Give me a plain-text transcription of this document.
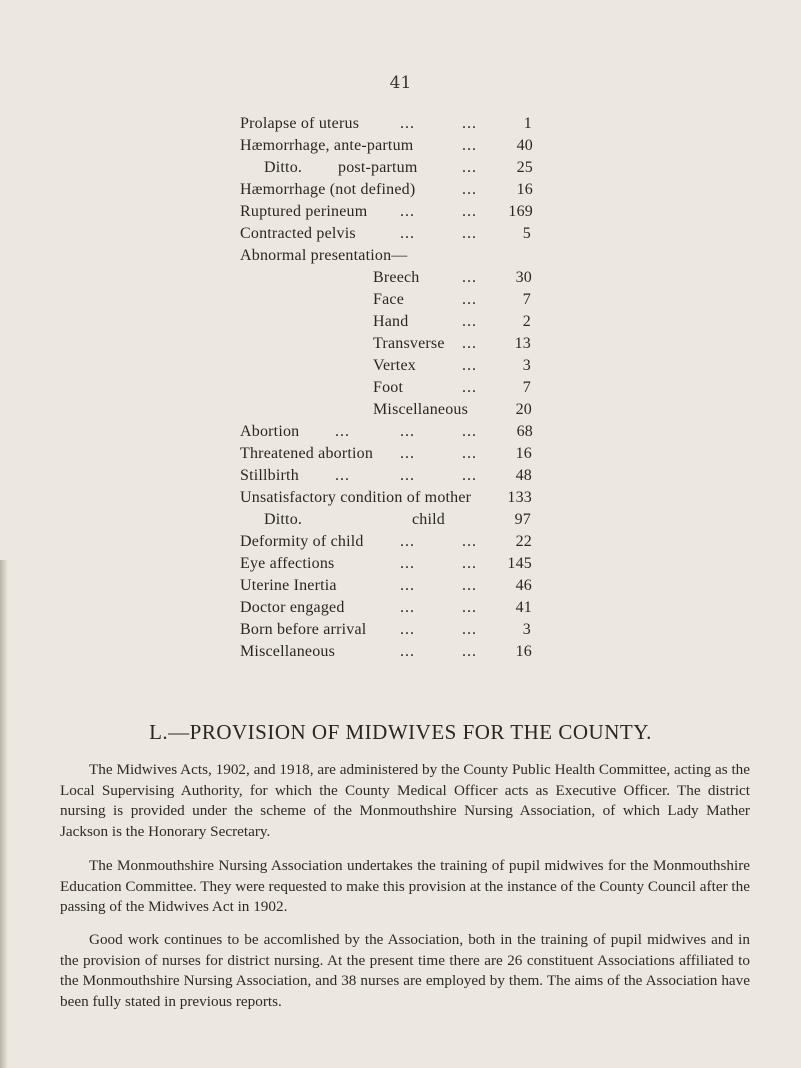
41
Prolapse of uterus	...	...	1
Hæmorrhage, ante-partum	... 40
Ditto. post-partum	... 25
Hæmorrhage (not defined)	... 16
Ruptured perineum ...	... 169
Contracted pelvis	...	...	5
Abnormal presentation—
Breech	... 30
Face	...	7
Hand	...	2
Transverse ... 13
Vertex	...	3
Foot	...	7
Miscellaneous	20
Abortion ...	...	... 68
Threatened abortion ...	... 16
Stillbirth ...	...	... 48
Unsatisfactory condition of mother 133
Ditto.	child	97
Deformity of child ...	... 22
Eye affections	...	... 145
Uterine Inertia	...	... 46
Doctor engaged	...	... 41
Born before arrival ...	...	3
Miscellaneous	...	... 16
L.—PROVISION OF MIDWIVES FOR THE COUNTY.
The Midwives Acts, 1902, and 1918, are administered by the County Public Health Committee, acting as the Local Supervising Authority, for which the County Medical Officer acts as Executive Officer. The district nursing is provided under the scheme of the Monmouthshire Nursing Association, of which Lady Mather Jackson is the Honorary Secretary.
The Monmouthshire Nursing Association undertakes the training of pupil midwives for the Monmouthshire Education Committee. They were requested to make this provision at the instance of the County Council after the passing of the Midwives Act in 1902.
Good work continues to be accomlished by the Association, both in the training of pupil midwives and in the provision of nurses for district nursing. At the present time there are 26 constituent Associations affiliated to the Monmouthshire Nursing Association, and 38 nurses are employed by them. The aims of the Association have been fully stated in previous reports.
